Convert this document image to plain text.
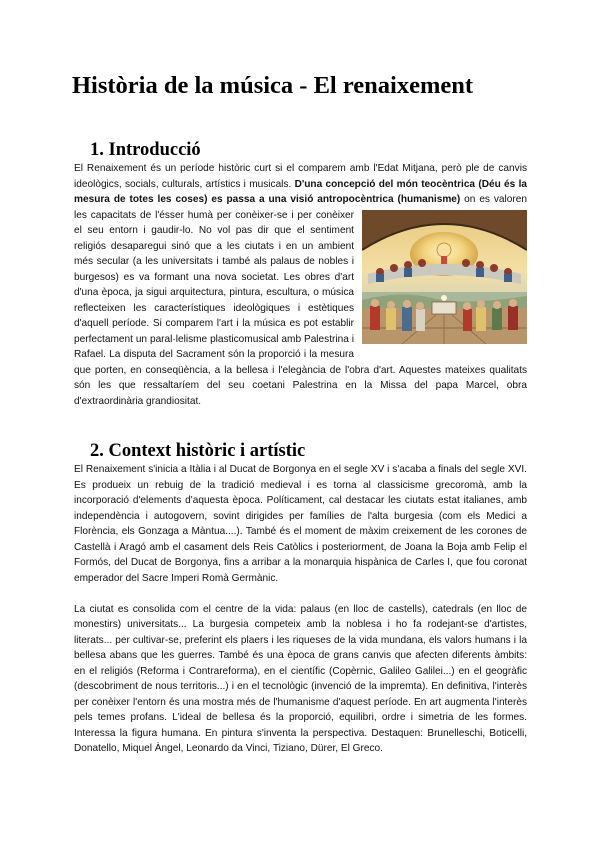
Història de la música - El renaixement
1. Introducció

El Renaixement és un període històric curt si el comparem amb l'Edat Mitjana, però ple de canvis ideològics, socials, culturals, artístics i musicals. D'una concepció del món teocèntrica (Déu és la mesura de totes les coses) es passa a una visió antropocèntrica (humanisme)
on es valoren les capacitats de l'ésser humà per conèixer-se i per conèixer el seu entorn i gaudir-lo. No vol pas dir que el sentiment religiós desaparegui sinó que a les ciutats i en un ambient més secular (a les universitats i també als palaus de nobles i burgesos) es va formant una nova societat. Les obres d'art d'una època, ja sigui arquitectura, pintura, escultura, o música reflecteixen les característiques ideològiques i estètiques d'aquell període. Si comparem l'art i la música es pot establir perfectament un paral·lelisme plasticomusical amb Palestrina i Rafael. La disputa del Sacrament són la proporció i la mesura que porten, en conseqüència, a la bellesa i l'elegància de l'obra d'art. Aquestes mateixes qualitats són les que ressaltaríem del seu coetani Palestrina en la Missa del papa Marcel, obra d'extraordinària grandiositat.

2. Context històric i artístic

El Renaixement s'inicia a Itàlia i al Ducat de Borgonya en el segle XV i s'acaba a finals del segle XVI. Es produeix un rebuig de la tradició medieval i es torna al classicisme grecoromà, amb la incorporació d'elements d'aquesta època. Políticament, cal destacar les ciutats estat italianes, amb independència i autogovern, sovint dirigides per famílies de l'alta burgesia (com els Medici a Florència, els Gonzaga a Màntua....). També és el moment de màxim creixement de les corones de Castellà i Aragó amb el casament dels Reis Catòlics i posteriorment, de Joana la Boja amb Felip el Formós, del Ducat de Borgonya, fins a arribar a la monarquia hispànica de Carles I, que fou coronat emperador del Sacre Imperi Romà Germànic.

La ciutat es consolida com el centre de la vida: palaus (en lloc de castells), catedrals (en lloc de monestirs) universitats... La burgesia competeix amb la noblesa i ho fa rodejant-se d'artistes, literats... per cultivar-se, preferint els plaers i les riqueses de la vida mundana, els valors humans i la bellesa abans que les guerres. També és una època de grans canvis que afecten diferents àmbits: en el religiós (Reforma i Contrareforma), en el científic (Copèrnic, Galileo Galilei...) en el geogràfic (descobriment de nous territoris...) i en el tecnològic (invenció de la impremta). En definitiva, l'interès per conèixer l'entorn és una mostra més de l'humanisme d'aquest període. En art augmenta l'interès pels temes profans. L'ideal de bellesa és la proporció, equilibri, ordre i simetria de les formes. Interessa la figura humana. En pintura s'inventa la perspectiva. Destaquen: Brunelleschi, Boticelli, Donatello, Miquel Àngel, Leonardo da Vinci, Tiziano, Dürer, El Greco.
